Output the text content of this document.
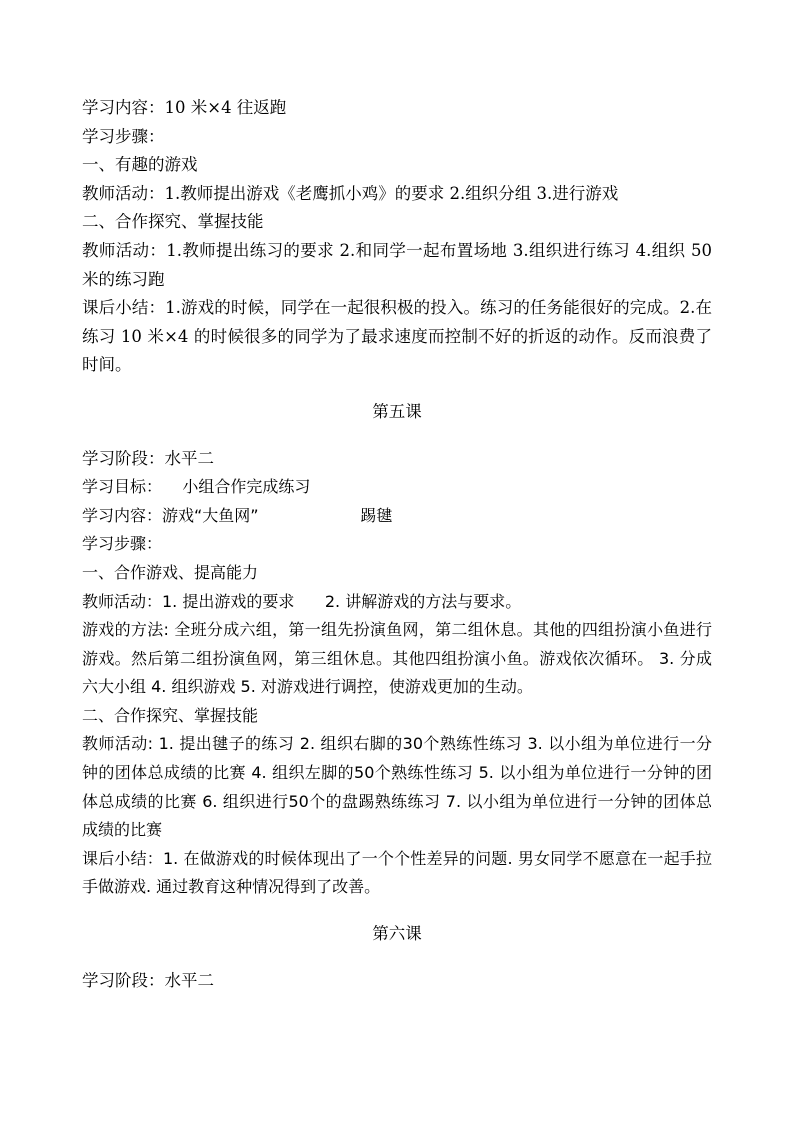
学习内容：10 米×4 往返跑
学习步骤：
一、有趣的游戏
教师活动：1.教师提出游戏《老鹰抓小鸡》的要求 2.组织分组 3.进行游戏
二、合作探究、掌握技能
教师活动：1.教师提出练习的要求 2.和同学一起布置场地 3.组织进行练习 4.组织 50 米的练习跑
课后小结：1.游戏的时候，同学在一起很积极的投入。练习的任务能很好的完成。2.在练习 10 米×4 的时候很多的同学为了最求速度而控制不好的折返的动作。反而浪费了时间。
第五课
学习阶段：水平二
学习目标：    小组合作完成练习
学习内容：游戏“大鱼网”                    踢毽
学习步骤：
一、合作游戏、提高能力
教师活动：1. 提出游戏的要求      2. 讲解游戏的方法与要求。
游戏的方法: 全班分成六组，第一组先扮演鱼网，第二组休息。其他的四组扮演小鱼进行游戏。然后第二组扮演鱼网，第三组休息。其他四组扮演小鱼。游戏依次循环。 3. 分成六大小组 4. 组织游戏 5. 对游戏进行调控，使游戏更加的生动。
二、合作探究、掌握技能
教师活动: 1. 提出毽子的练习 2. 组织右脚的30个熟练性练习 3. 以小组为单位进行一分钟的团体总成绩的比赛 4. 组织左脚的50个熟练性练习 5. 以小组为单位进行一分钟的团体总成绩的比赛 6. 组织进行50个的盘踢熟练练习 7. 以小组为单位进行一分钟的团体总成绩的比赛
课后小结：1. 在做游戏的时候体现出了一个个性差异的问题. 男女同学不愿意在一起手拉手做游戏. 通过教育这种情况得到了改善。
第六课
学习阶段：水平二
